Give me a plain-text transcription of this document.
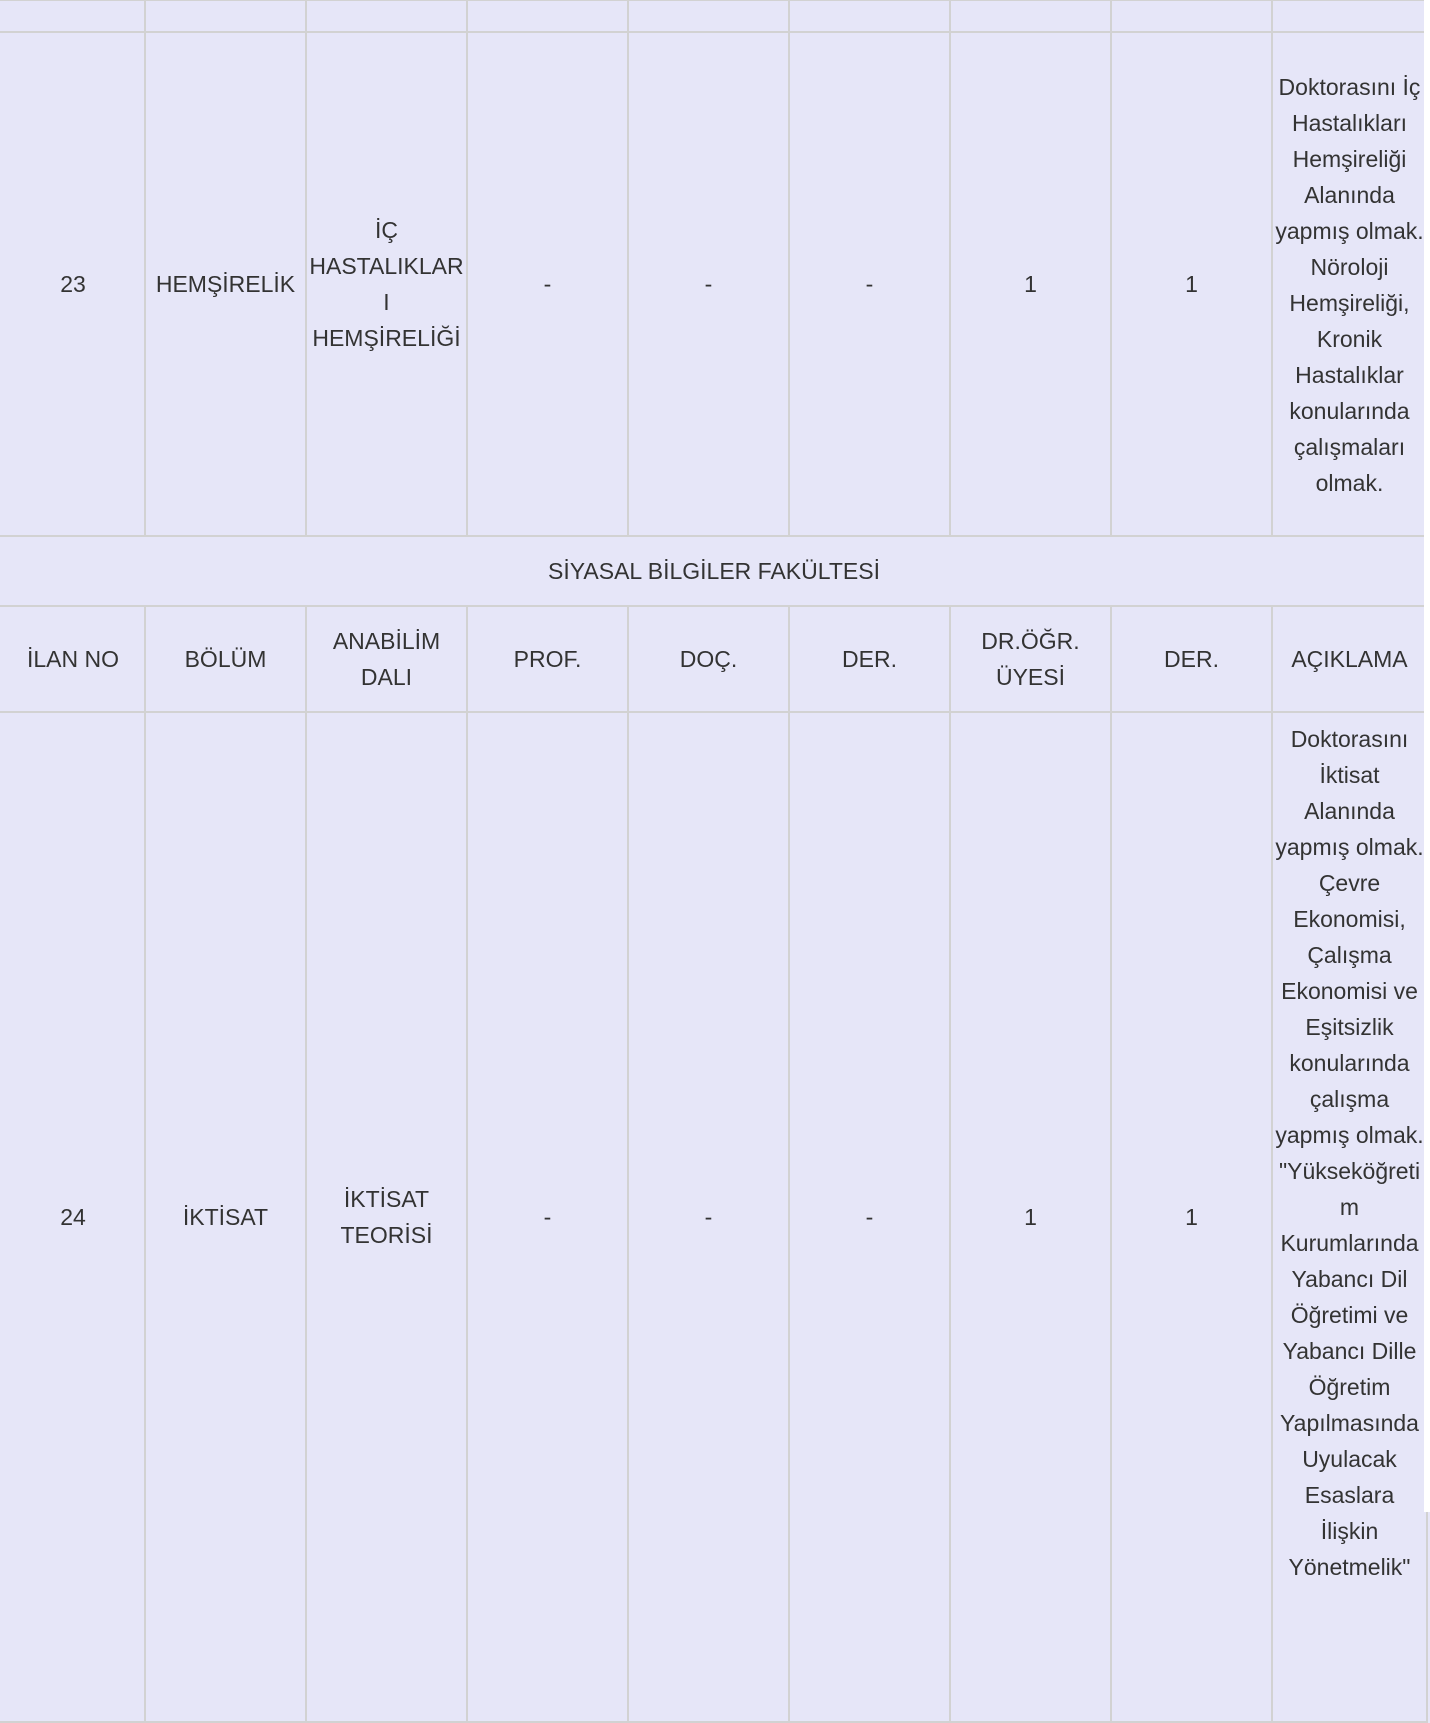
23	HEMŞİRELİK	İÇ HASTALIKLARI HEMŞİRELİĞİ	-	-	-	1	1	Doktorasını İç Hastalıkları Hemşireliği Alanında yapmış olmak. Nöroloji Hemşireliği, Kronik Hastalıklar konularında çalışmaları olmak.
SİYASAL BİLGİLER FAKÜLTESİ								
İLAN NO	BÖLÜM	ANABİLİM DALI	PROF.	DOÇ.	DER.	DR.ÖĞR. ÜYESİ	DER.	AÇIKLAMA
24	İKTİSAT	İKTİSAT TEORİSİ	-	-	-	1	1	Doktorasını İktisat Alanında yapmış olmak. Çevre Ekonomisi, Çalışma Ekonomisi ve Eşitsizlik konularında çalışma yapmış olmak. "Yükseköğretim Kurumlarında Yabancı Dil Öğretimi ve Yabancı Dille Öğretim Yapılmasında Uyulacak Esaslara İlişkin Yönetmelik"
